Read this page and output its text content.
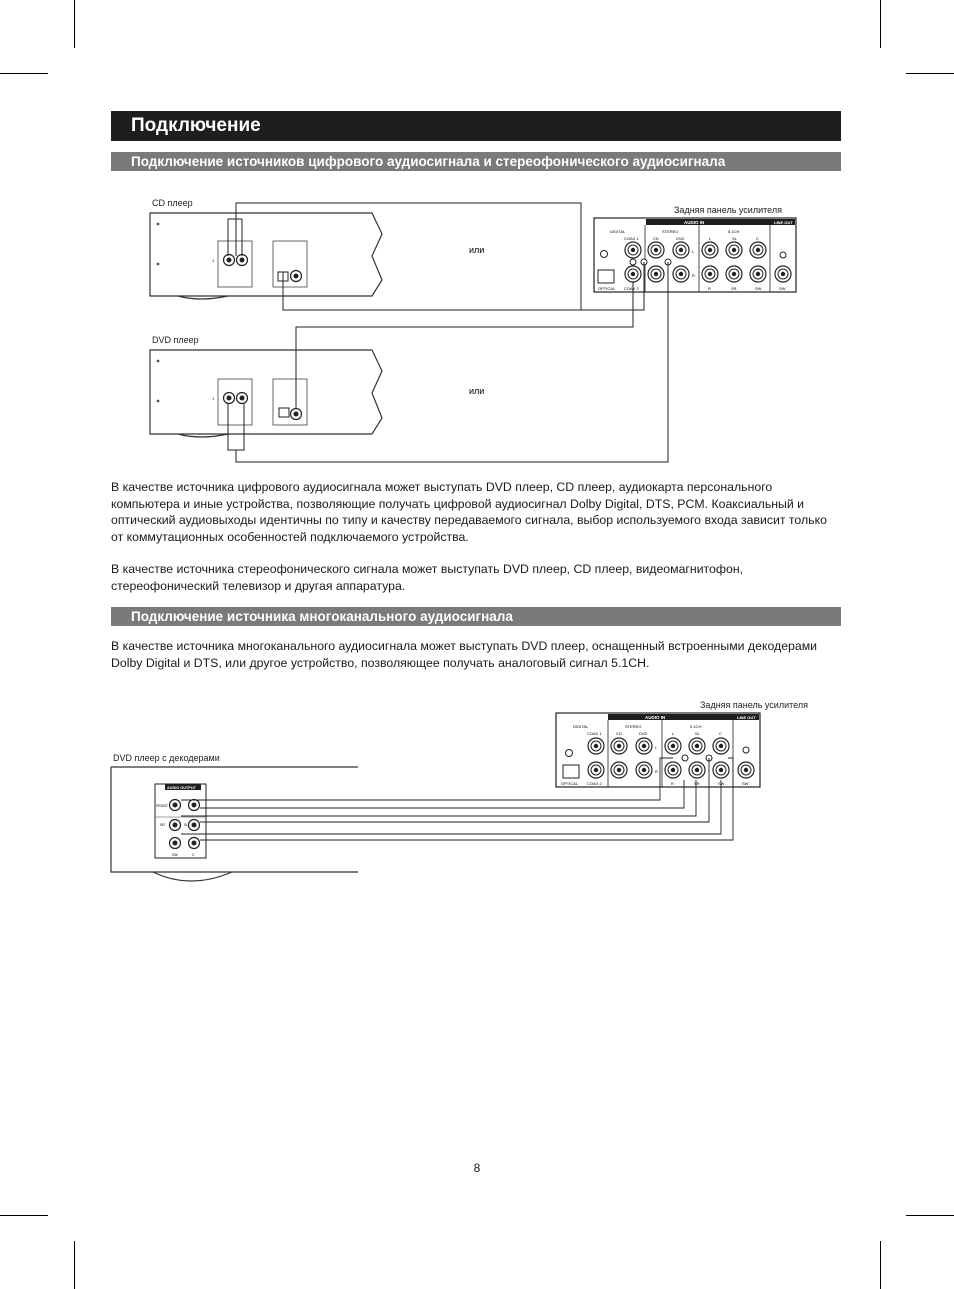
Подключение
Подключение источников цифрового аудиосигнала и стереофонического аудиосигнала
CD плеер
1
Задняя панель усилителя
AUDIO IN	LINE OUT
DIGITAL	STEREO	5.1CH
COAX 1	CD	DVD	L	SL	C
L
R
OPTICAL COAX 2	R	SR	SW	SW
или
DVD плеер
1
или

В качестве источника цифрового аудиосигнала может выступать DVD плеер, CD плеер, аудиокарта персонального компьютера и иные устройства, позволяющие получать цифровой аудиосигнал Dolby Digital, DTS, PCM. Коаксиальный и оптический аудиовыходы идентичны по типу и качеству передаваемого сигнала, выбор используемого входа зависит только от коммутационных особенностей подключаемого устройства.

В качестве источника стереофонического сигнала может выступать DVD плеер, CD плеер, видеомагнитофон, стереофонический телевизор и другая аппаратура.

Подключение источника многоканального аудиосигнала

В качестве источника многоканального аудиосигнала может выступать DVD плеер, оснащенный встроенными декодерами Dolby Digital и DTS, или другое устройство, позволяющее получать аналоговый сигнал 5.1CH.

Задняя панель усилителя
AUDIO IN	LINE OUT
DIGITAL	STEREO	5.1CH
COAX 1	CD	DVD	L	SL	C
L
R
OPTICAL COAX 2	R	SR	SW	SW
DVD плеер с декодерами
AUDIO OUTPUT
FRONT
SR
SW
SL
C
8
